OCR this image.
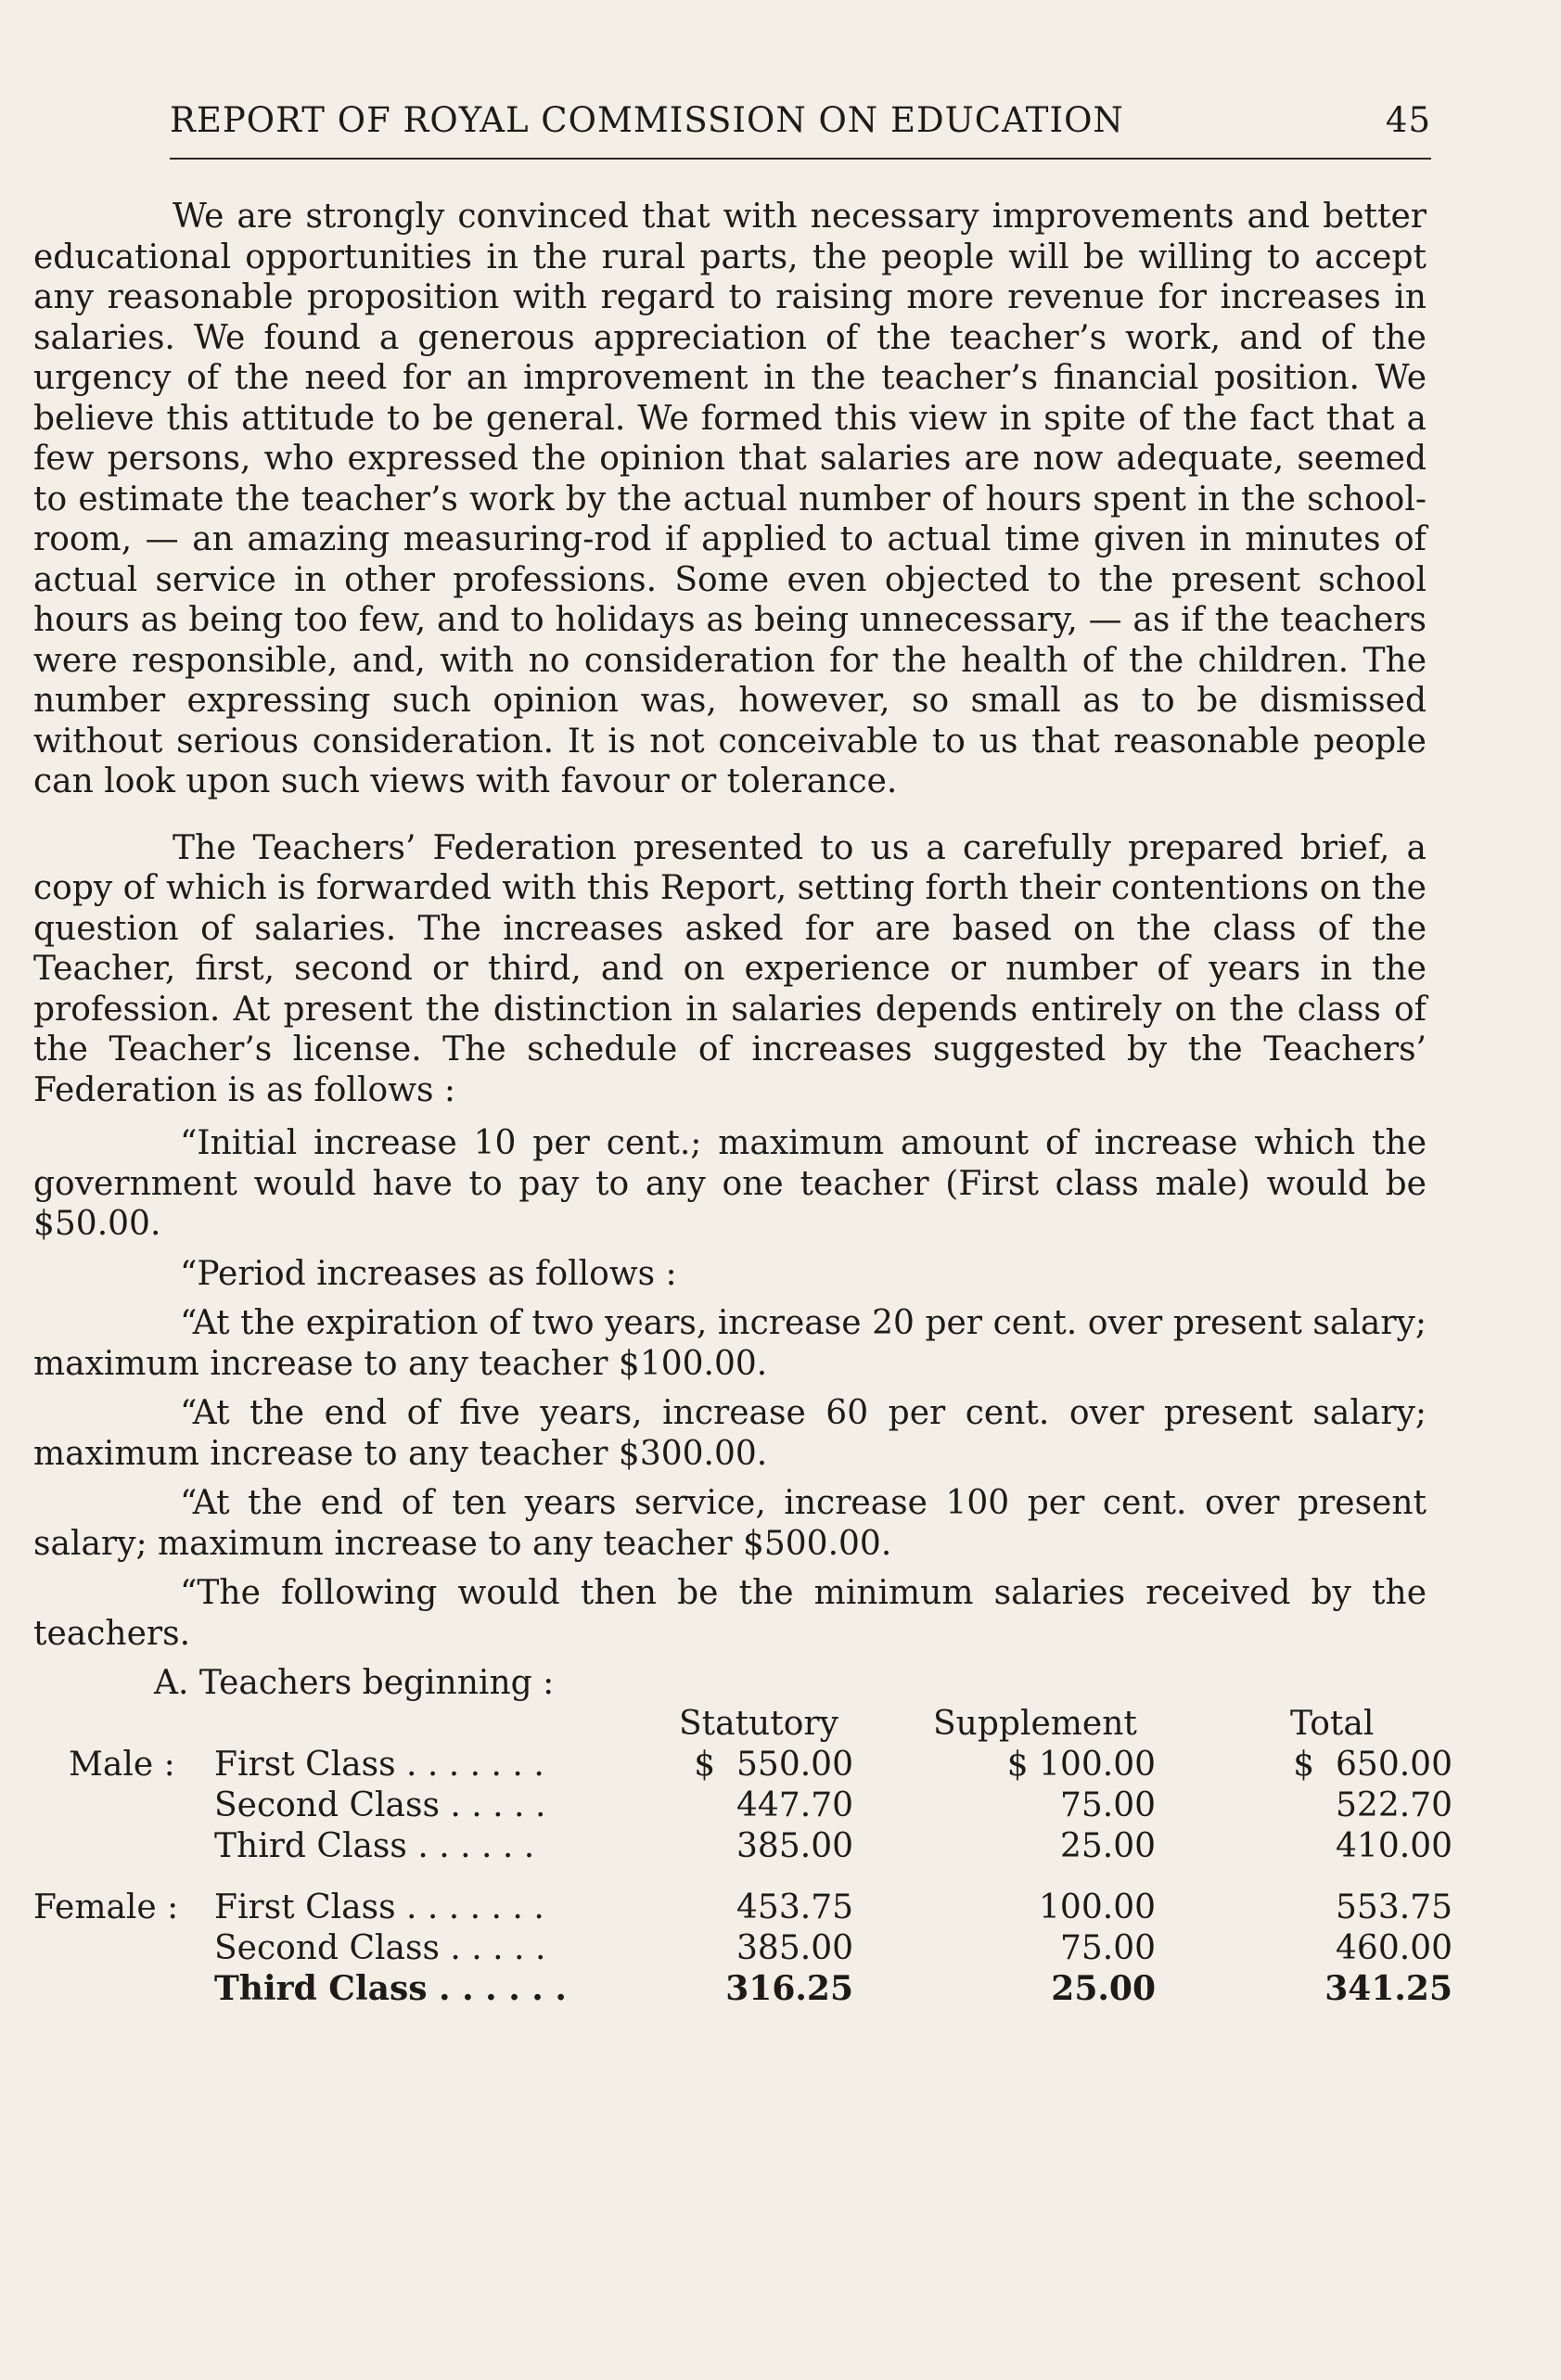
REPORT OF ROYAL COMMISSION ON EDUCATION	45

We are strongly convinced that with necessary improvements and better educational opportunities in the rural parts, the people will be willing to accept any reasonable proposition with regard to raising more revenue for increases in salaries. We found a generous appreciation of the teacher’s work, and of the urgency of the need for an improvement in the teacher’s financial position. We believe this attitude to be general. We formed this view in spite of the fact that a few persons, who expressed the opinion that salaries are now adequate, seemed to estimate the teacher’s work by the actual number of hours spent in the school-room, — an amazing measuring-rod if applied to actual time given in minutes of actual service in other professions. Some even objected to the present school hours as being too few, and to holidays as being unnecessary, — as if the teachers were responsible, and, with no consideration for the health of the children. The number expressing such opinion was, however, so small as to be dismissed without serious consideration. It is not conceivable to us that reasonable people can look upon such views with favour or tolerance.

The Teachers’ Federation presented to us a carefully prepared brief, a copy of which is forwarded with this Report, setting forth their contentions on the question of salaries. The increases asked for are based on the class of the Teacher, first, second or third, and on experience or number of years in the profession. At present the distinction in salaries depends entirely on the class of the Teacher’s license. The schedule of increases suggested by the Teachers’ Federation is as follows :

“Initial increase 10 per cent.; maximum amount of increase which the government would have to pay to any one teacher (First class male) would be $50.00.

“Period increases as follows :

“At the expiration of two years, increase 20 per cent. over present salary; maximum increase to any teacher $100.00.

“At the end of five years, increase 60 per cent. over present salary; maximum increase to any teacher $300.00.

“At the end of ten years service, increase 100 per cent. over present salary; maximum increase to any teacher $500.00.

“The following would then be the minimum salaries received by the teachers.

A. Teachers beginning :
Statutory	Supplement	Total
Male : First Class . . . . . . .	$  550.00	$ 100.00	$  650.00
Second Class . . . . .	447.70	75.00	522.70
Third Class . . . . . .	385.00	25.00	410.00
Female : First Class . . . . . . .	453.75	100.00	553.75
Second Class . . . . .	385.00	75.00	460.00
Third Class . . . . . .	316.25	25.00	341.25
